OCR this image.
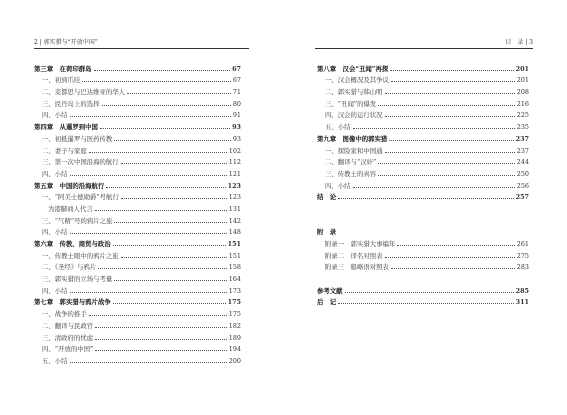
2 | 郭实猎与“开放中国”
第三章　在荷印群岛	67
一、初到爪哇	67
二、麦都思与巴达维亚的华人	71
三、民丹岛上的选择	80
四、小结	91
第四章　从暹罗到中国	93
一、初抵暹罗与医药传教	93
二、妻子与家庭	102
三、第一次中国沿海的航行	112
四、小结	121
第五章　中国的沿海航行	123
一、“阿美士德勋爵”号航行	123
为港脚商人代言	131
三、“气精”号的鸦片之旅	142
四、小结	148
第六章　传教、商贸与政治	151
一、传教士眼中的鸦片之旅	151
二、《圣经》与鸦片	158
三、郭实猎的立场与考量	164
四、小结	173
第七章　郭实猎与鸦片战争	175
一、战争的推手	175
二、翻译与民政官	182
三、清政府的忧虑	189
四、“开放的中国”	194
五、小结	200
目　录 | 3
第八章　汉会“丑闻”再探	201
一、汉会概况及其争议	201
二、郭实猎与韩山明	208
三、“丑闻”的爆发	216
四、汉会的运行状况	225
五、小结	235
第九章　图像中的郭实猎	237
一、探险家和中国通	237
二、翻译与“汉奸”	244
三、传教士的真容	250
四、小结	256
结　论	257
附　录
附录一　郭实猎大事编年	261
附录二　译名对照表	275
附录三　船略语对照表	283
参考文献	285
后　记	311
